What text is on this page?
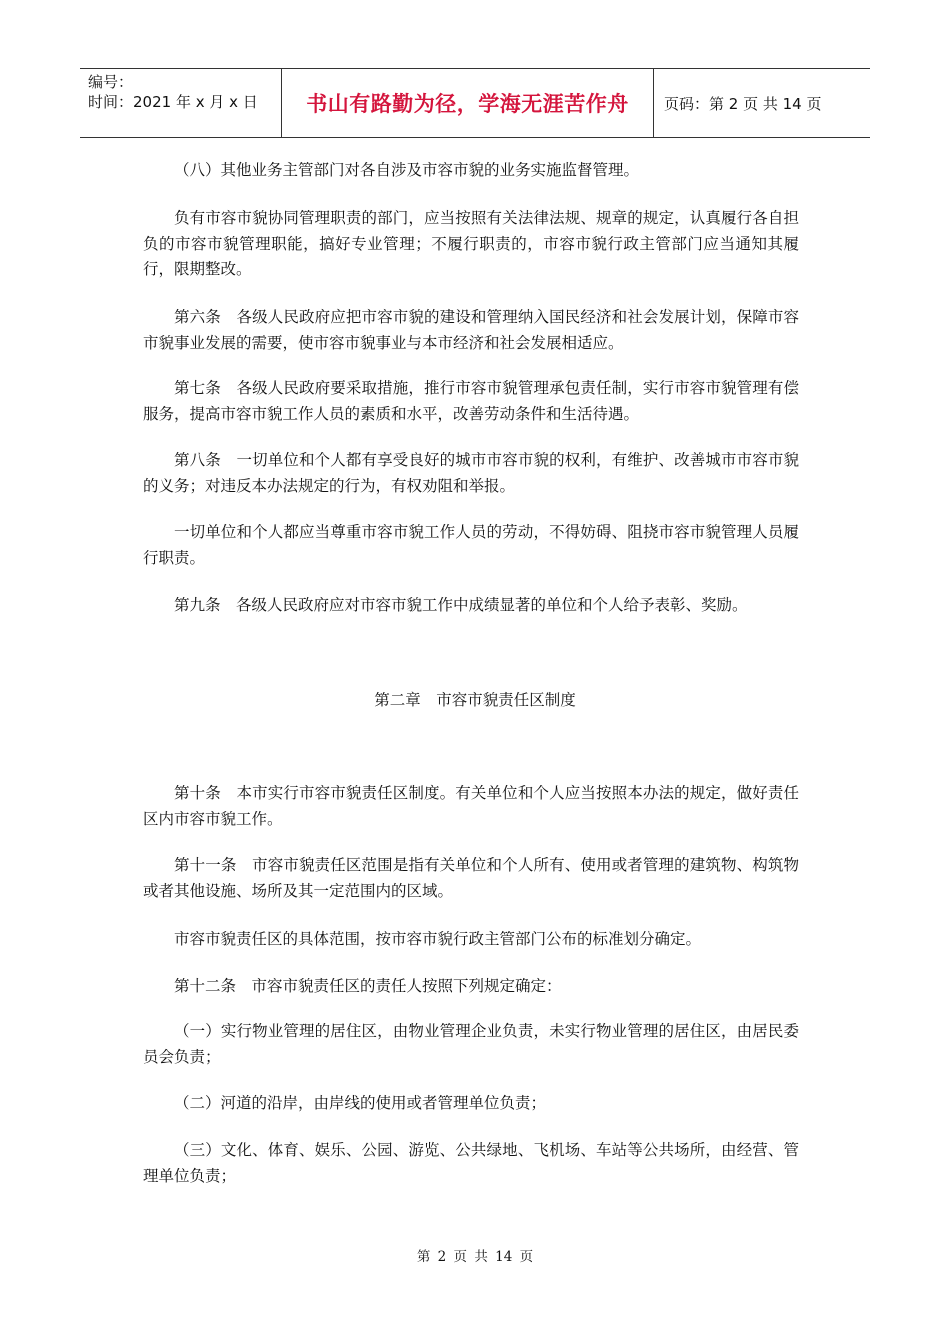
编号：
时间：2021 年 x 月 x 日 书山有路勤为径，学海无涯苦作舟 页码：第 2 页 共 14 页

（八）其他业务主管部门对各自涉及市容市貌的业务实施监督管理。

负有市容市貌协同管理职责的部门，应当按照有关法律法规、规章的规定，认真履行各自担负的市容市貌管理职能，搞好专业管理；不履行职责的，市容市貌行政主管部门应当通知其履行，限期整改。

第六条　各级人民政府应把市容市貌的建设和管理纳入国民经济和社会发展计划，保障市容市貌事业发展的需要，使市容市貌事业与本市经济和社会发展相适应。

第七条　各级人民政府要采取措施，推行市容市貌管理承包责任制，实行市容市貌管理有偿服务，提高市容市貌工作人员的素质和水平，改善劳动条件和生活待遇。

第八条　一切单位和个人都有享受良好的城市市容市貌的权利，有维护、改善城市市容市貌的义务；对违反本办法规定的行为，有权劝阻和举报。

一切单位和个人都应当尊重市容市貌工作人员的劳动，不得妨碍、阻挠市容市貌管理人员履行职责。

第九条　各级人民政府应对市容市貌工作中成绩显著的单位和个人给予表彰、奖励。

第二章　市容市貌责任区制度

第十条　本市实行市容市貌责任区制度。有关单位和个人应当按照本办法的规定，做好责任区内市容市貌工作。

第十一条　市容市貌责任区范围是指有关单位和个人所有、使用或者管理的建筑物、构筑物或者其他设施、场所及其一定范围内的区域。

市容市貌责任区的具体范围，按市容市貌行政主管部门公布的标准划分确定。

第十二条　市容市貌责任区的责任人按照下列规定确定：

（一）实行物业管理的居住区，由物业管理企业负责，未实行物业管理的居住区，由居民委员会负责；

（二）河道的沿岸，由岸线的使用或者管理单位负责；

（三）文化、体育、娱乐、公园、游览、公共绿地、飞机场、车站等公共场所，由经营、管理单位负责；

第 2 页 共 14 页
